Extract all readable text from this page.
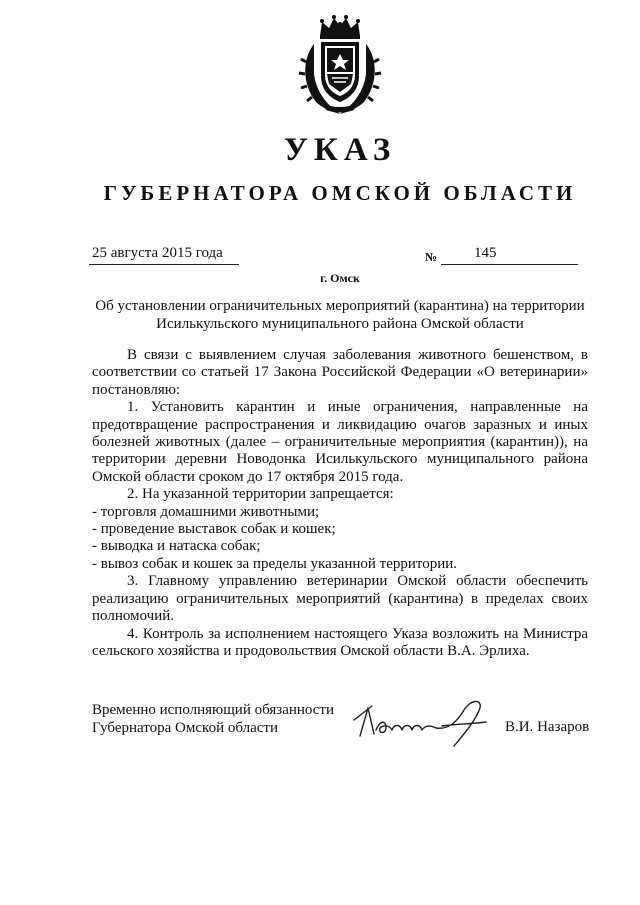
УКАЗ
ГУБЕРНАТОРА ОМСКОЙ ОБЛАСТИ
25 августа 2015 года	№ 145
г. Омск
Об установлении ограничительных мероприятий (карантина) на территории
Исилькульского муниципального района Омской области

В связи с выявлением случая заболевания животного бешенством, в соответствии со статьей 17 Закона Российской Федерации «О ветеринарии» постановляю:

1. Установить карантин и иные ограничения, направленные на предотвращение распространения и ликвидацию очагов заразных и иных болезней животных (далее – ограничительные мероприятия (карантин)), на территории деревни Новодонка Исилькульского муниципального района Омской области сроком до 17 октября 2015 года.

2. На указанной территории запрещается:

- торговля домашними животными;

- проведение выставок собак и кошек;

- выводка и натаска собак;

- вывоз собак и кошек за пределы указанной территории.

3. Главному управлению ветеринарии Омской области обеспечить реализацию ограничительных мероприятий (карантина) в пределах своих полномочий.

4. Контроль за исполнением настоящего Указа возложить на Министра сельского хозяйства и продовольствия Омской области В.А. Эрлиха.

Временно исполняющий обязанности
Губернатора Омской области	В.И. Назаров
